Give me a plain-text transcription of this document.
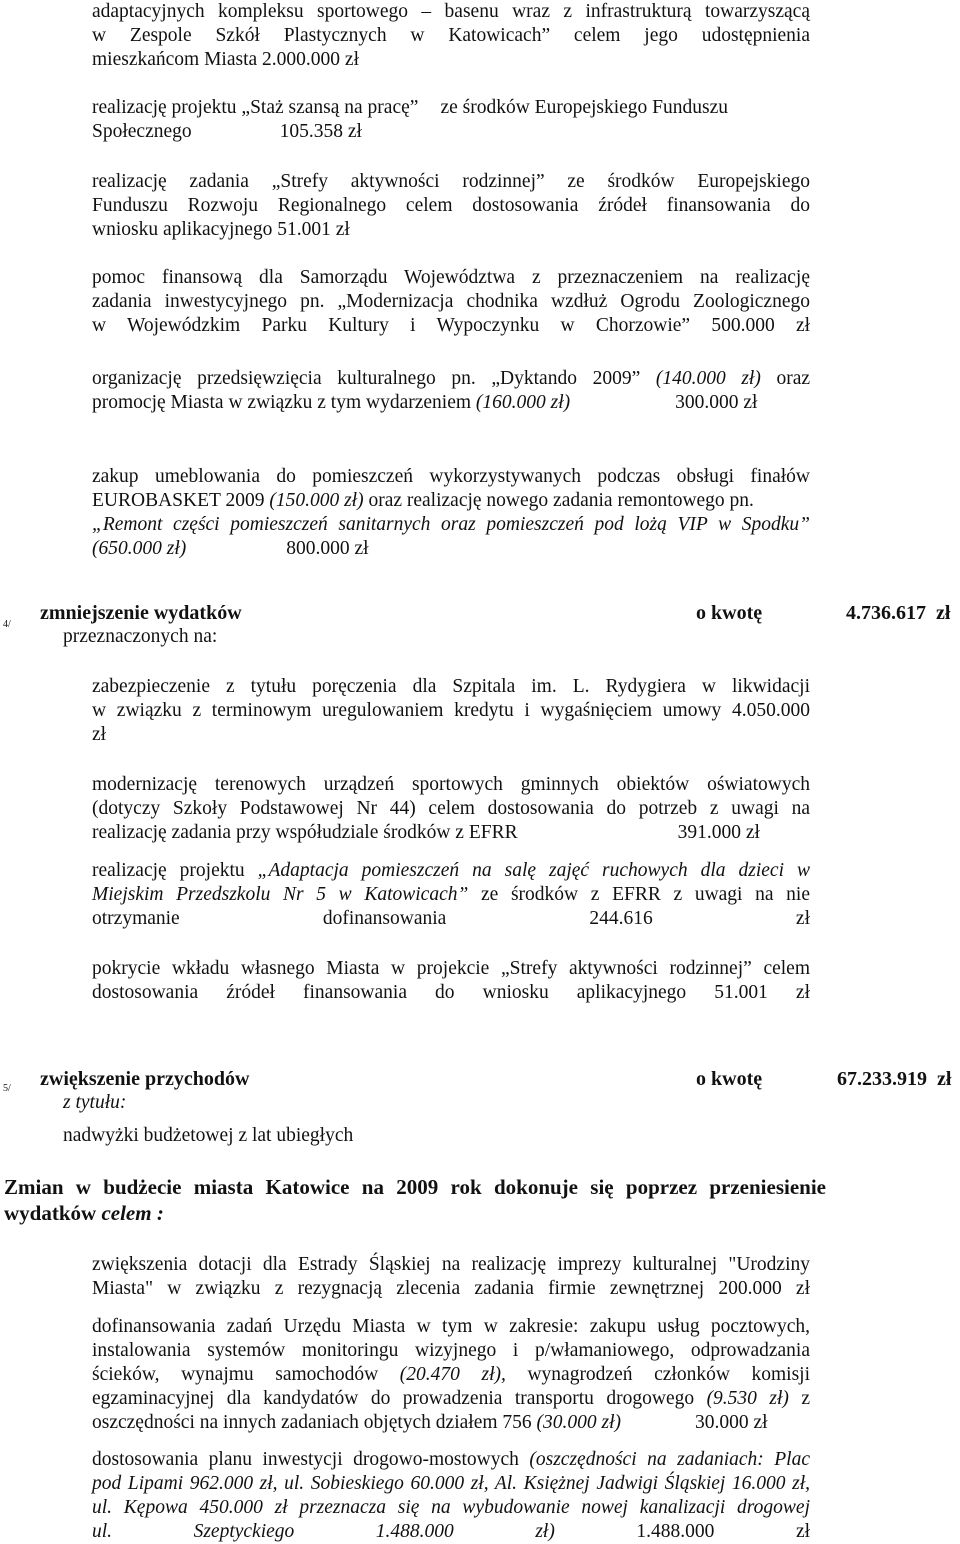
adaptacyjnych kompleksu sportowego – basenu wraz z infrastrukturą towarzyszącą
w Zespole Szkół Plastycznych w Katowicach” celem jego udostępnienia
mieszkańcom Miasta 2.000.000 zł
realizację projektu „Staż szansą na pracę” ze środków Europejskiego Funduszu
Społecznego	105.358 zł
realizację zadania „Strefy aktywności rodzinnej” ze środków Europejskiego
Funduszu Rozwoju Regionalnego celem dostosowania źródeł finansowania do
wniosku aplikacyjnego 51.001 zł
pomoc finansową dla Samorządu Województwa z przeznaczeniem na realizację
zadania inwestycyjnego pn. „Modernizacja chodnika wzdłuż Ogrodu Zoologicznego
w Wojewódzkim Parku Kultury i Wypoczynku w Chorzowie” 500.000 zł
organizację przedsięwzięcia kulturalnego pn. „Dyktando 2009” (140.000 zł) oraz
promocję Miasta w związku z tym wydarzeniem (160.000 zł)	300.000 zł
zakup umeblowania do pomieszczeń wykorzystywanych podczas obsługi finałów
EUROBASKET 2009 (150.000 zł) oraz realizację nowego zadania remontowego pn.
„Remont części pomieszczeń sanitarnych oraz pomieszczeń pod lożą VIP w Spodku”
(650.000 zł)	800.000 zł
4/
zmniejszenie wydatków	o kwotę	4.736.617  zł
przeznaczonych na:
zabezpieczenie z tytułu poręczenia dla Szpitala im. L. Rydygiera w likwidacji
w związku z terminowym uregulowaniem kredytu i wygaśnięciem umowy 4.050.000
zł
modernizację terenowych urządzeń sportowych gminnych obiektów oświatowych
(dotyczy Szkoły Podstawowej Nr 44) celem dostosowania do potrzeb z uwagi na
realizację zadania przy współudziale środków z EFRR	391.000 zł
realizację projektu „Adaptacja pomieszczeń na salę zajęć ruchowych dla dzieci w
Miejskim Przedszkolu Nr 5 w Katowicach” ze środków z EFRR z uwagi na nie
otrzymanie dofinansowania	244.616 zł
pokrycie wkładu własnego Miasta w projekcie „Strefy aktywności rodzinnej” celem
dostosowania źródeł finansowania do wniosku aplikacyjnego 51.001 zł
5/ zwiększenie przychodów	o kwotę	67.233.919  zł
z tytułu:
nadwyżki budżetowej z lat ubiegłych
Zmian w budżecie miasta Katowice na 2009 rok dokonuje się poprzez przeniesienie
wydatków celem :
zwiększenia dotacji dla Estrady Śląskiej na realizację imprezy kulturalnej "Urodziny
Miasta" w związku z rezygnacją zlecenia zadania firmie zewnętrznej 200.000 zł
dofinansowania zadań Urzędu Miasta w tym w zakresie: zakupu usług pocztowych,
instalowania systemów monitoringu wizyjnego i p/włamaniowego, odprowadzania
ścieków, wynajmu samochodów (20.470 zł), wynagrodzeń członków komisji
egzaminacyjnej dla kandydatów do prowadzenia transportu drogowego (9.530 zł) z
oszczędności na innych zadaniach objętych działem 756 (30.000 zł)	30.000 zł
dostosowania planu inwestycji drogowo-mostowych (oszczędności na zadaniach: Plac
pod Lipami 962.000 zł, ul. Sobieskiego 60.000 zł, Al. Księżnej Jadwigi Śląskiej 16.000 zł,
ul. Kępowa 450.000 zł przeznacza się na wybudowanie nowej kanalizacji drogowej
ul. Szeptyckiego 1.488.000 zł)	1.488.000 zł
